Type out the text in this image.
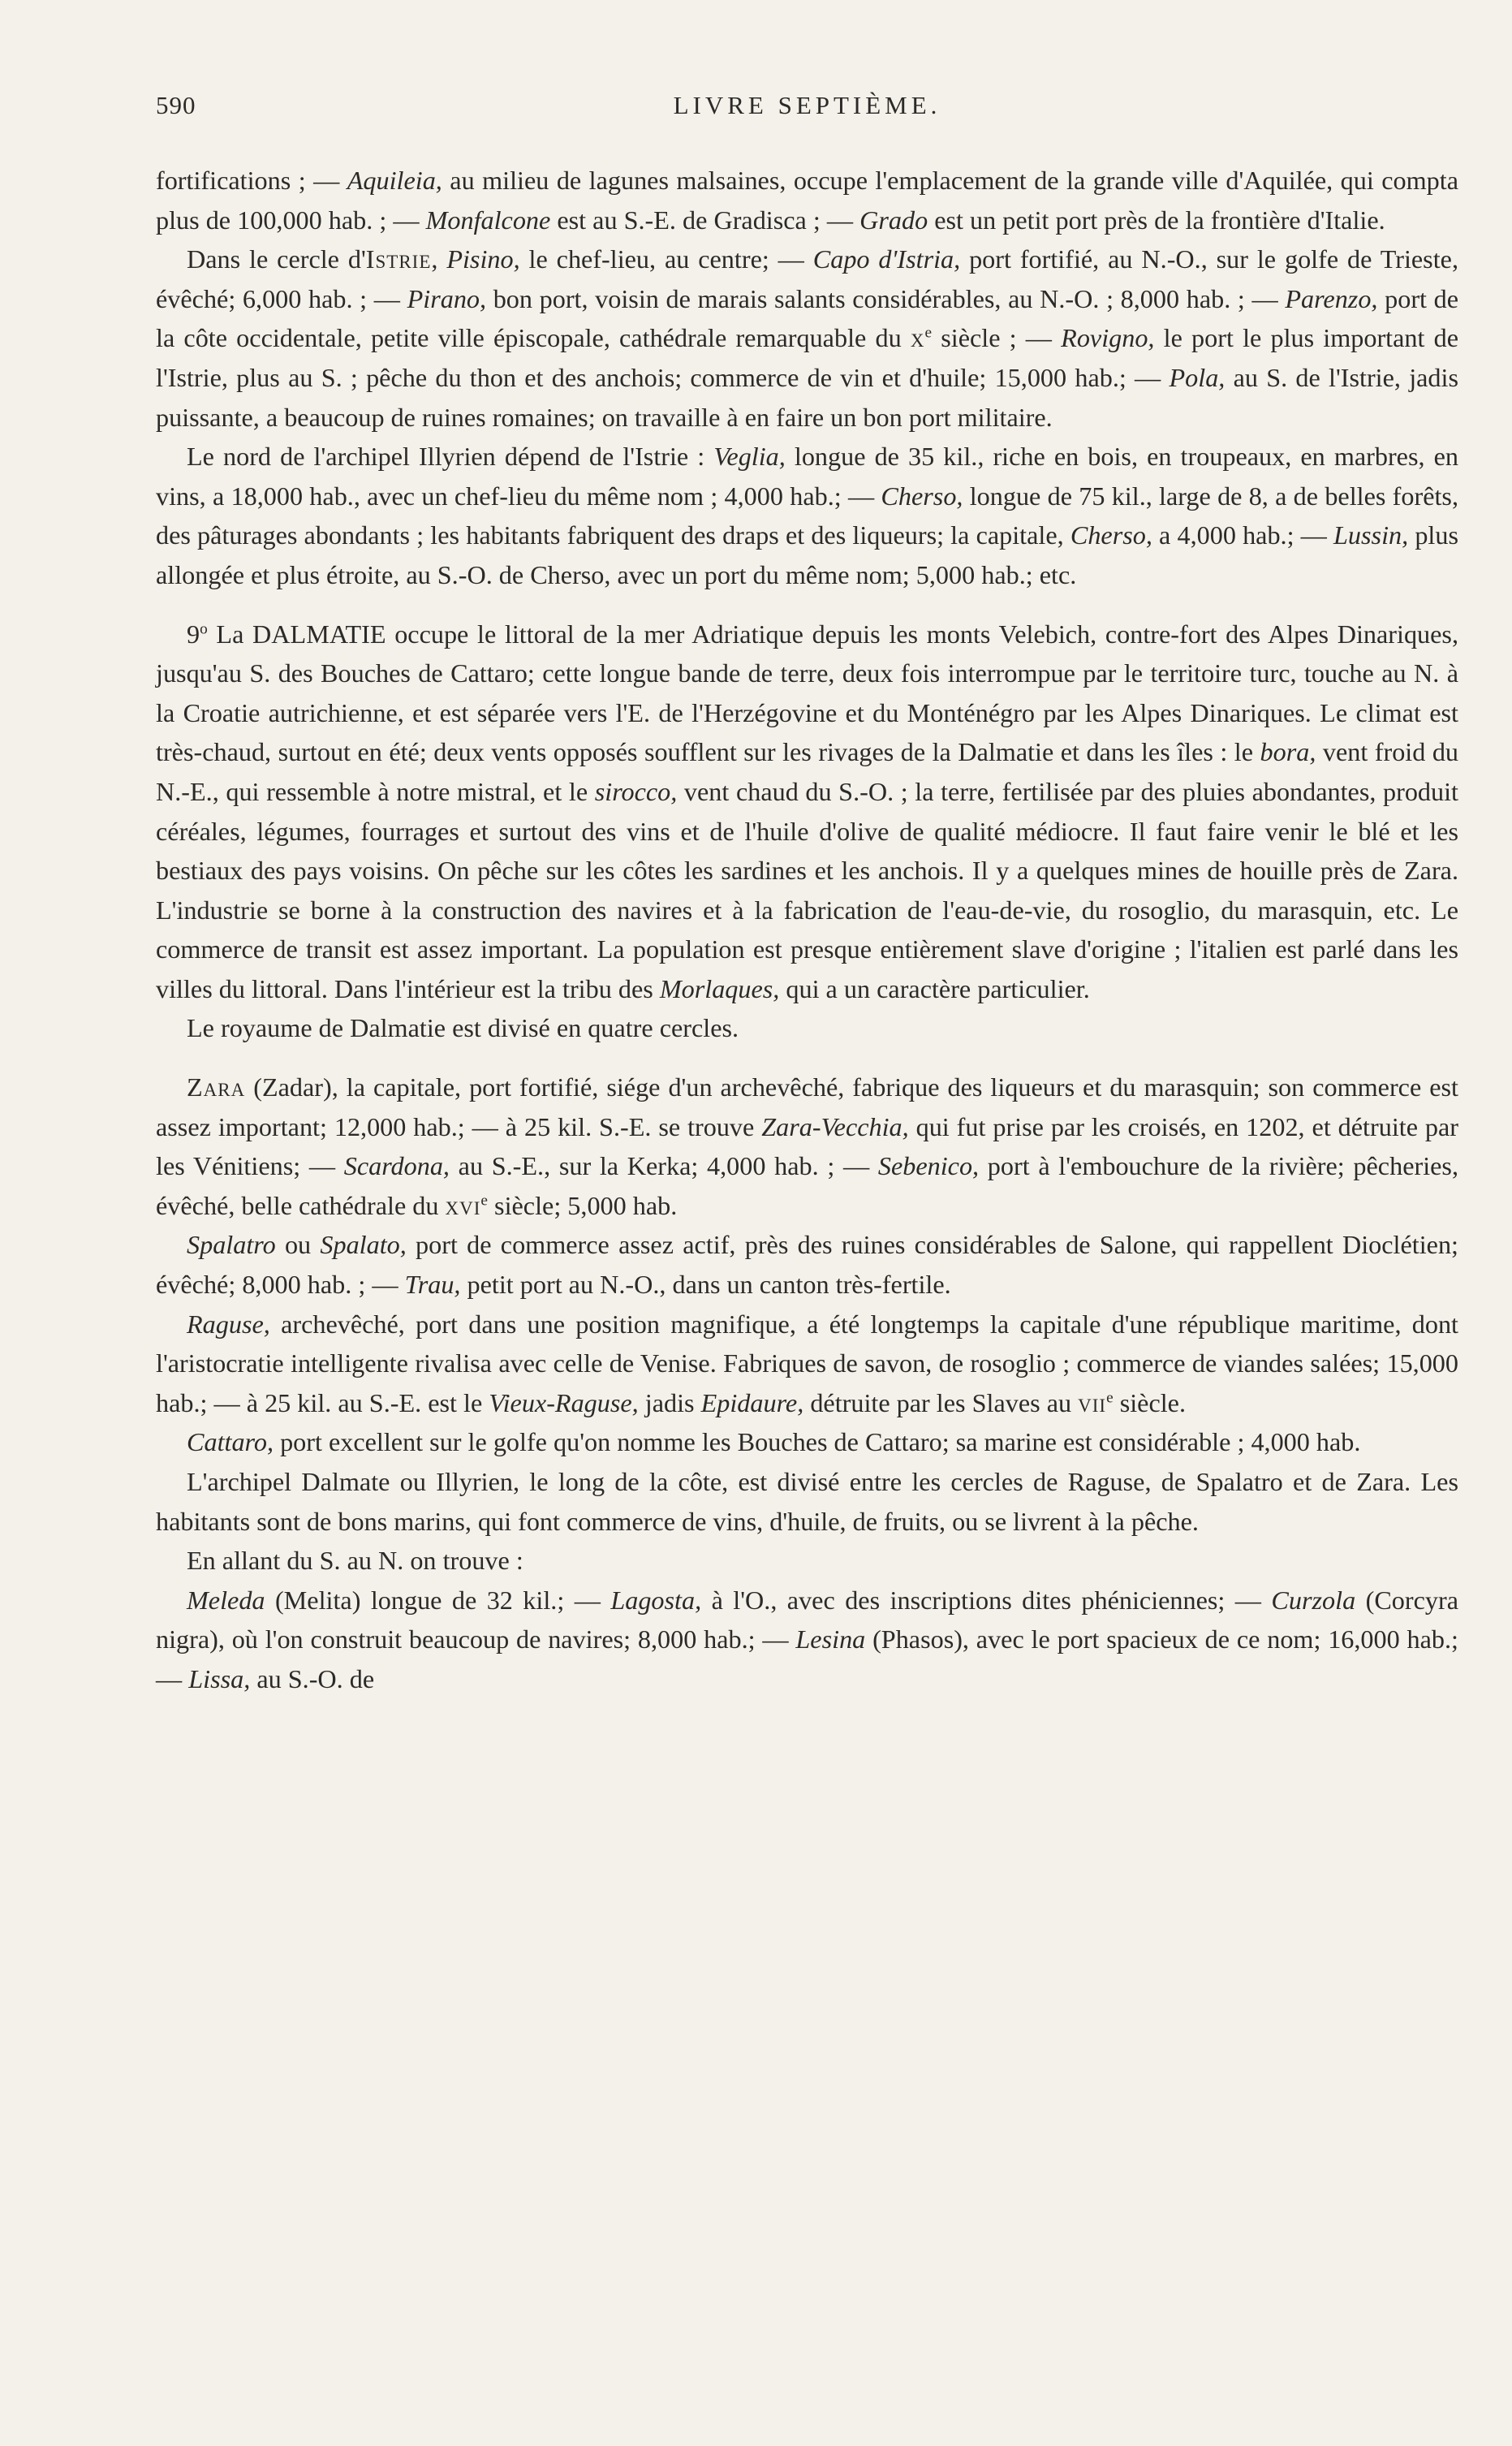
590	LIVRE SEPTIÈME.

fortifications ; — Aquileia, au milieu de lagunes malsaines, occupe l'emplacement de la grande ville d'Aquilée, qui compta plus de 100,000 hab. ; — Monfalcone est au S.-E. de Gradisca ; — Grado est un petit port près de la frontière d'Italie.

Dans le cercle d'Istrie, Pisino, le chef-lieu, au centre; — Capo d'Istria, port fortifié, au N.-O., sur le golfe de Trieste, évêché; 6,000 hab. ; — Pirano, bon port, voisin de marais salants considérables, au N.-O. ; 8,000 hab. ; — Parenzo, port de la côte occidentale, petite ville épiscopale, cathédrale remarquable du $x^e$ siècle ; — Rovigno, le port le plus important de l'Istrie, plus au S. ; pêche du thon et des anchois; commerce de vin et d'huile; 15,000 hab.; — Pola, au S. de l'Istrie, jadis puissante, a beaucoup de ruines romaines; on travaille à en faire un bon port militaire.

Le nord de l'archipel Illyrien dépend de l'Istrie : Veglia, longue de 35 kil., riche en bois, en troupeaux, en marbres, en vins, a 18,000 hab., avec un chef-lieu du même nom ; 4,000 hab.; — Cherso, longue de 75 kil., large de 8, a de belles forêts, des pâturages abondants ; les habitants fabriquent des draps et des liqueurs; la capitale, Cherso, a 4,000 hab.; — Lussin, plus allongée et plus étroite, au S.-O. de Cherso, avec un port du même nom; 5,000 hab.; etc.

9$^o$ La DALMATIE occupe le littoral de la mer Adriatique depuis les monts Velebich, contre-fort des Alpes Dinariques, jusqu'au S. des Bouches de Cattaro; cette longue bande de terre, deux fois interrompue par le territoire turc, touche au N. à la Croatie autrichienne, et est séparée vers l'E. de l'Herzégovine et du Monténégro par les Alpes Dinariques. Le climat est très-chaud, surtout en été; deux vents opposés soufflent sur les rivages de la Dalmatie et dans les îles : le bora, vent froid du N.-E., qui ressemble à notre mistral, et le sirocco, vent chaud du S.-O. ; la terre, fertilisée par des pluies abondantes, produit céréales, légumes, fourrages et surtout des vins et de l'huile d'olive de qualité médiocre. Il faut faire venir le blé et les bestiaux des pays voisins. On pêche sur les côtes les sardines et les anchois. Il y a quelques mines de houille près de Zara. L'industrie se borne à la construction des navires et à la fabrication de l'eau-de-vie, du rosoglio, du marasquin, etc. Le commerce de transit est assez important. La population est presque entièrement slave d'origine ; l'italien est parlé dans les villes du littoral. Dans l'intérieur est la tribu des Morlaques, qui a un caractère particulier.

Le royaume de Dalmatie est divisé en quatre cercles.

Zara (Zadar), la capitale, port fortifié, siége d'un archevêché, fabrique des liqueurs et du marasquin; son commerce est assez important; 12,000 hab.; — à 25 kil. S.-E. se trouve Zara-Vecchia, qui fut prise par les croisés, en 1202, et détruite par les Vénitiens; — Scardona, au S.-E., sur la Kerka; 4,000 hab. ; — Sebenico, port à l'embouchure de la rivière; pêcheries, évêché, belle cathédrale du xvi$^e$ siècle; 5,000 hab.

Spalatro ou Spalato, port de commerce assez actif, près des ruines considérables de Salone, qui rappellent Dioclétien; évêché; 8,000 hab. ; — Trau, petit port au N.-O., dans un canton très-fertile.

Raguse, archevêché, port dans une position magnifique, a été longtemps la capitale d'une république maritime, dont l'aristocratie intelligente rivalisa avec celle de Venise. Fabriques de savon, de rosoglio ; commerce de viandes salées; 15,000 hab.; — à 25 kil. au S.-E. est le Vieux-Raguse, jadis Epidaure, détruite par les Slaves au vii$^e$ siècle.

Cattaro, port excellent sur le golfe qu'on nomme les Bouches de Cattaro; sa marine est considérable ; 4,000 hab.

L'archipel Dalmate ou Illyrien, le long de la côte, est divisé entre les cercles de Raguse, de Spalatro et de Zara. Les habitants sont de bons marins, qui font commerce de vins, d'huile, de fruits, ou se livrent à la pêche.

En allant du S. au N. on trouve :

Meleda (Melita) longue de 32 kil.; — Lagosta, à l'O., avec des inscriptions dites phéniciennes; — Curzola (Corcyra nigra), où l'on construit beaucoup de navires; 8,000 hab.; — Lesina (Phasos), avec le port spacieux de ce nom; 16,000 hab.; — Lissa, au S.-O. de
